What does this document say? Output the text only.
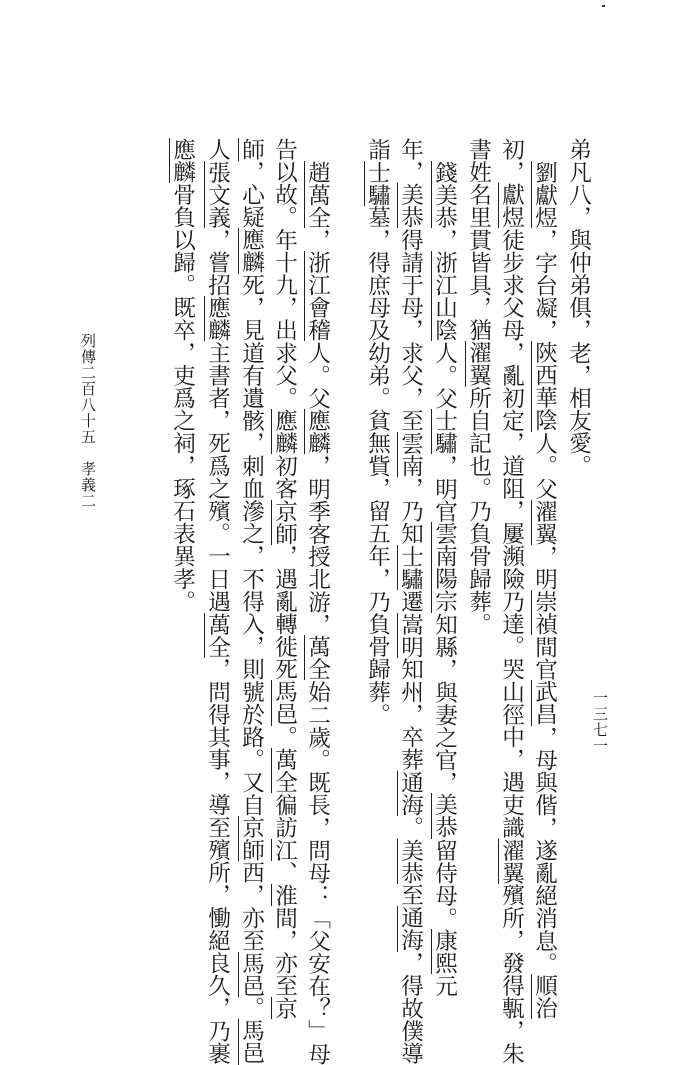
弟凡八，與仲弟俱，老，相友愛。
劉獻煜，字台凝，陝西華陰人。父濯翼，明崇禎間官武昌，母與偕，遂亂絕消息。順治
初，獻煜徒步求父母，亂初定，道阻，屢瀕險乃達。哭山徑中，遇吏識濯翼殯所，發得甎，朱
書姓名里貫皆具，猶濯翼所自記也。乃負骨歸葬。
錢美恭，浙江山陰人。父士驌，明官雲南陽宗知縣，與妻之官，美恭留侍母。康熙元
年，美恭得請于母，求父，至雲南，乃知士驌遷嵩明知州，卒葬通海。美恭至通海，得故僕導
詣士驌墓，得庶母及幼弟。貧無貲，留五年，乃負骨歸葬。
趙萬全，浙江會稽人。父應麟，明季客授北游，萬全始二歲。既長，問母：「父安在？」母
告以故。年十九，出求父。應麟初客京師，遇亂轉徙死馬邑。萬全徧訪江、淮間，亦至京
師，心疑應麟死，見道有遺骸，刺血滲之，不得入，則號於路。又自京師西，亦至馬邑。馬邑
人張文義，嘗招應麟主書者，死爲之殯。一日遇萬全，問得其事，導至殯所，慟絕良久，乃裹
應麟骨負以歸。既卒，吏爲之祠，琢石表異孝。
列傳二百八十五　孝義二
一三七一
